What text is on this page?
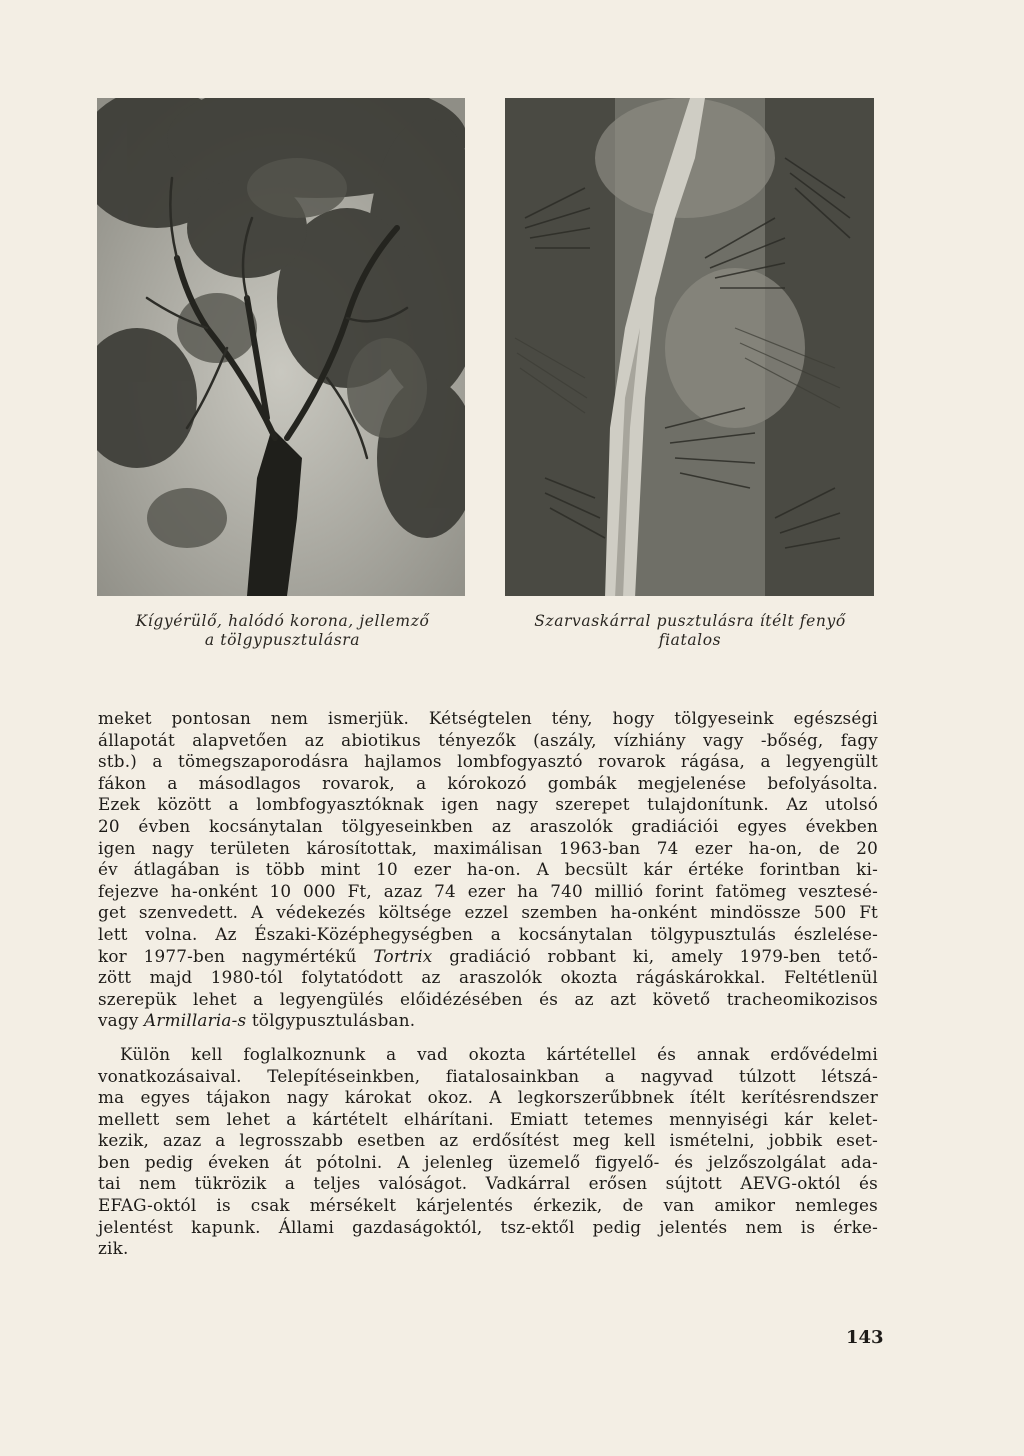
Kígyérülő, halódó korona, jellemző
a tölgypusztulásra
Szarvaskárral pusztulásra ítélt fenyő
fiatalos
meket pontosan nem ismerjük. Kétségtelen tény, hogy tölgyeseink egészségi
állapotát alapvetően az abiotikus tényezők (aszály, vízhiány vagy -bőség, fagy
stb.) a tömegszaporodásra hajlamos lombfogyasztó rovarok rágása, a legyengült
fákon a másodlagos rovarok, a kórokozó gombák megjelenése befolyásolta.
Ezek között a lombfogyasztóknak igen nagy szerepet tulajdonítunk. Az utolsó
20 évben kocsánytalan tölgyeseinkben az araszolók gradiációi egyes években
igen nagy területen károsítottak, maximálisan 1963-ban 74 ezer ha-on, de 20
év átlagában is több mint 10 ezer ha-on. A becsült kár értéke forintban ki-
fejezve ha-onként 10 000 Ft, azaz 74 ezer ha 740 millió forint fatömeg vesztesé-
get szenvedett. A védekezés költsége ezzel szemben ha-onként mindössze 500 Ft
lett volna. Az Északi-Középhegységben a kocsánytalan tölgypusztulás észlelése-
kor 1977-ben nagymértékű Tortrix gradiáció robbant ki, amely 1979-ben tető-
zött majd 1980-tól folytatódott az araszolók okozta rágáskárokkal. Feltétlenül
szerepük lehet a legyengülés előidézésében és az azt követő tracheomikozisos
vagy Armillaria-s tölgypusztulásban.
Külön kell foglalkoznunk a vad okozta kártétellel és annak erdővédelmi
vonatkozásaival. Telepítéseinkben, fiatalosainkban a nagyvad túlzott létszá-
ma egyes tájakon nagy károkat okoz. A legkorszerűbbnek ítélt kerítésrendszer
mellett sem lehet a kártételt elhárítani. Emiatt tetemes mennyiségi kár kelet-
kezik, azaz a legrosszabb esetben az erdősítést meg kell ismételni, jobbik eset-
ben pedig éveken át pótolni. A jelenleg üzemelő figyelő- és jelzőszolgálat ada-
tai nem tükrözik a teljes valóságot. Vadkárral erősen sújtott AEVG-októl és
EFAG-októl is csak mérsékelt kárjelentés érkezik, de van amikor nemleges
jelentést kapunk. Állami gazdaságoktól, tsz-ektől pedig jelentés nem is érke-
zik.
143
